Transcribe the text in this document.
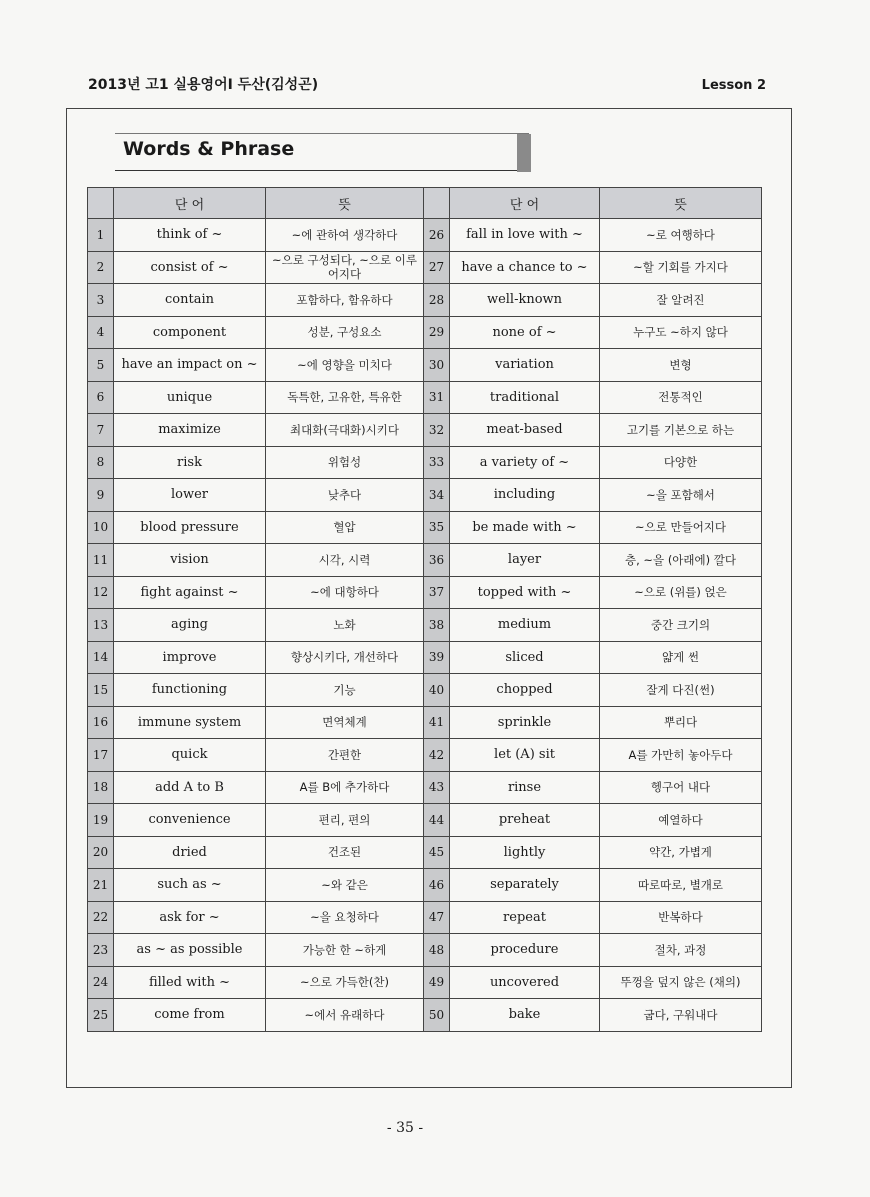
2013년 고1 실용영어I 두산(김성곤)	Lesson 2
Words & Phrase
	단 어	뜻		단 어	뜻
1	think of ~	~에 관하여 생각하다	26	fall in love with ~	~로 여행하다
2	consist of ~	~으로 구성되다, ~으로 이루어지다	27	have a chance to ~	~할 기회를 가지다
3	contain	포함하다, 함유하다	28	well-known	잘 알려진
4	component	성분, 구성요소	29	none of ~	누구도 ~하지 않다
5	have an impact on ~	~에 영향을 미치다	30	variation	변형
6	unique	독특한, 고유한, 특유한	31	traditional	전통적인
7	maximize	최대화(극대화)시키다	32	meat-based	고기를 기본으로 하는
8	risk	위험성	33	a variety of ~	다양한
9	lower	낮추다	34	including	~을 포함해서
10	blood pressure	혈압	35	be made with ~	~으로 만들어지다
11	vision	시각, 시력	36	layer	층, ~을 (아래에) 깔다
12	fight against ~	~에 대항하다	37	topped with ~	~으로 (위를) 얹은
13	aging	노화	38	medium	중간 크기의
14	improve	향상시키다, 개선하다	39	sliced	얇게 썬
15	functioning	기능	40	chopped	잘게 다진(썬)
16	immune system	면역체계	41	sprinkle	뿌리다
17	quick	간편한	42	let (A) sit	A를 가만히 놓아두다
18	add A to B	A를 B에 추가하다	43	rinse	헹구어 내다
19	convenience	편리, 편의	44	preheat	예열하다
20	dried	건조된	45	lightly	약간, 가볍게
21	such as ~	~와 같은	46	separately	따로따로, 별개로
22	ask for ~	~을 요청하다	47	repeat	반복하다
23	as ~ as possible	가능한 한 ~하게	48	procedure	절차, 과정
24	filled with ~	~으로 가득한(찬)	49	uncovered	뚜껑을 덮지 않은 (채의)
25	come from	~에서 유래하다	50	bake	굽다, 구워내다
- 35 -
